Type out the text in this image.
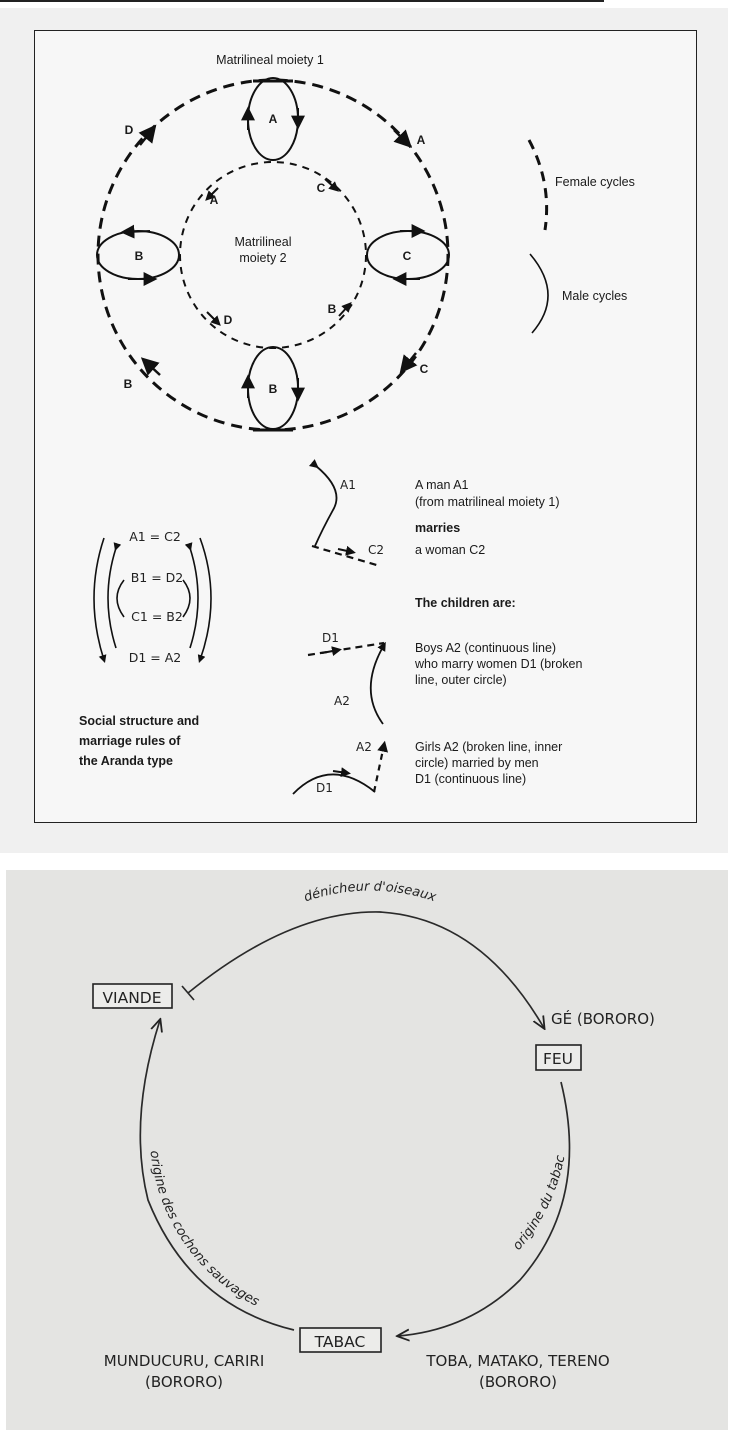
Matrilineal moiety 1
Matrilineal
moiety 2
A
B	C
B
D
A
C
B
A
C
D
B
Female cycles
Male cycles
A1 = C2
B1 = D2
C1 = B2
D1 = A2
Social structure and
marriage rules of
the Aranda type
A1
C2
A man A1
(from matrilineal moiety 1)
marries
a woman C2
The children are:
D1
A2
Boys A2 (continuous line)
who marry women D1 (broken
line, outer circle)
A2
D1
Girls A2 (broken line, inner
circle) married by men
D1 (continuous line)
VIANDE
FEU
TABAC
dénicheur d'oiseaux
origine du tabac
origine des cochons sauvages
GÉ (BORORO)
MUNDUCURU, CARIRI
(BORORO)
TOBA, MATAKO, TERENO
(BORORO)
